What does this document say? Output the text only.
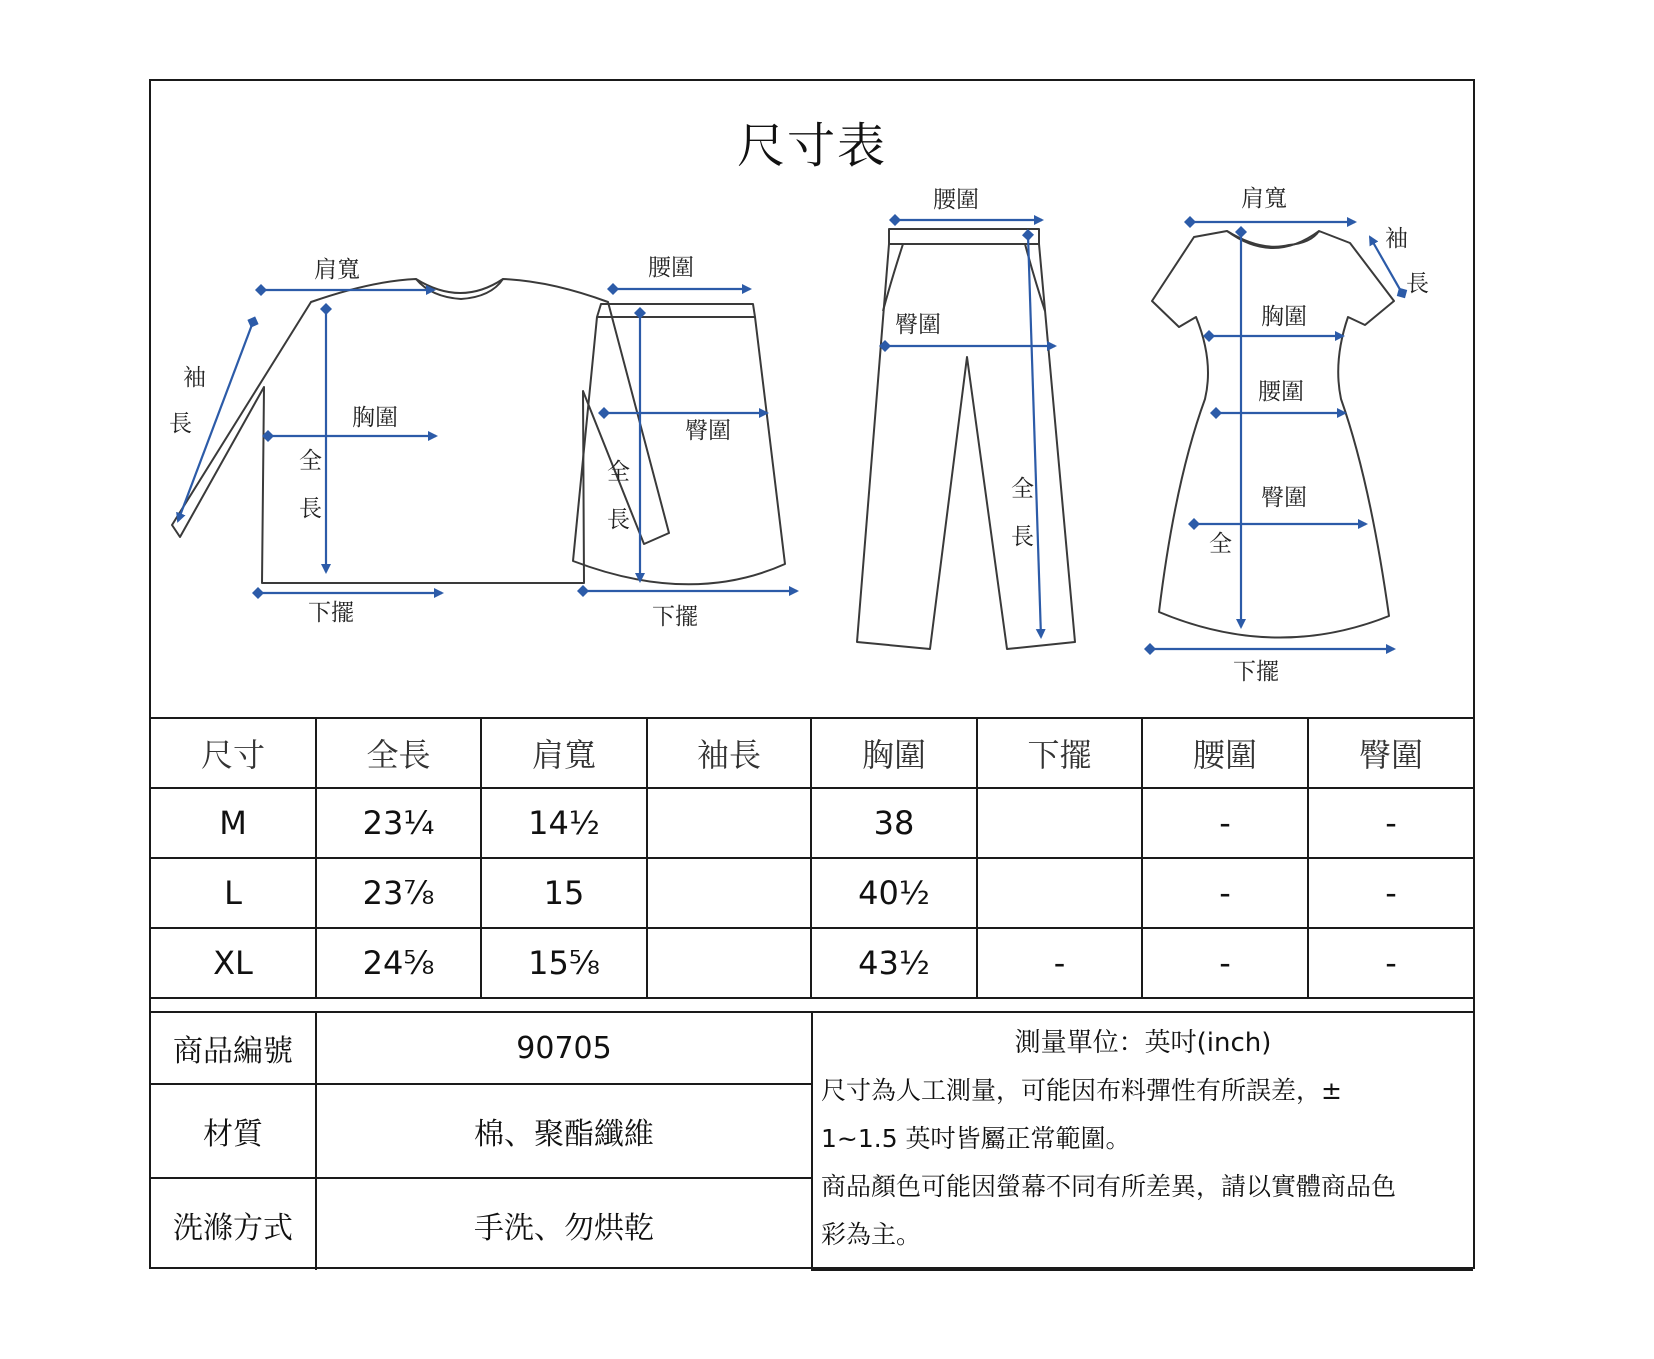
尺寸表
肩寬
袖
長	胸圍
全
長
下擺
腰圍
臀圍
全
長
下擺
腰圍
臀圍
全
長
肩寬
袖
長
胸圍
腰圍
臀圍
全
下擺
尺寸	全長	肩寬	袖長	胸圍	下擺	腰圍	臀圍
M	23¼	14½		38		-	-
L	23⅞	15		40½		-	-
XL	24⅝	15⅝		43½	-	-	-
商品編號	90705	測量單位：英吋(inch)
尺寸為人工測量，可能因布料彈性有所誤差，±
1~1.5 英吋皆屬正常範圍。
商品顏色可能因螢幕不同有所差異，請以實體商品色
彩為主。

材質	棉、聚酯纖維	
洗滌方式	手洗、勿烘乾	
